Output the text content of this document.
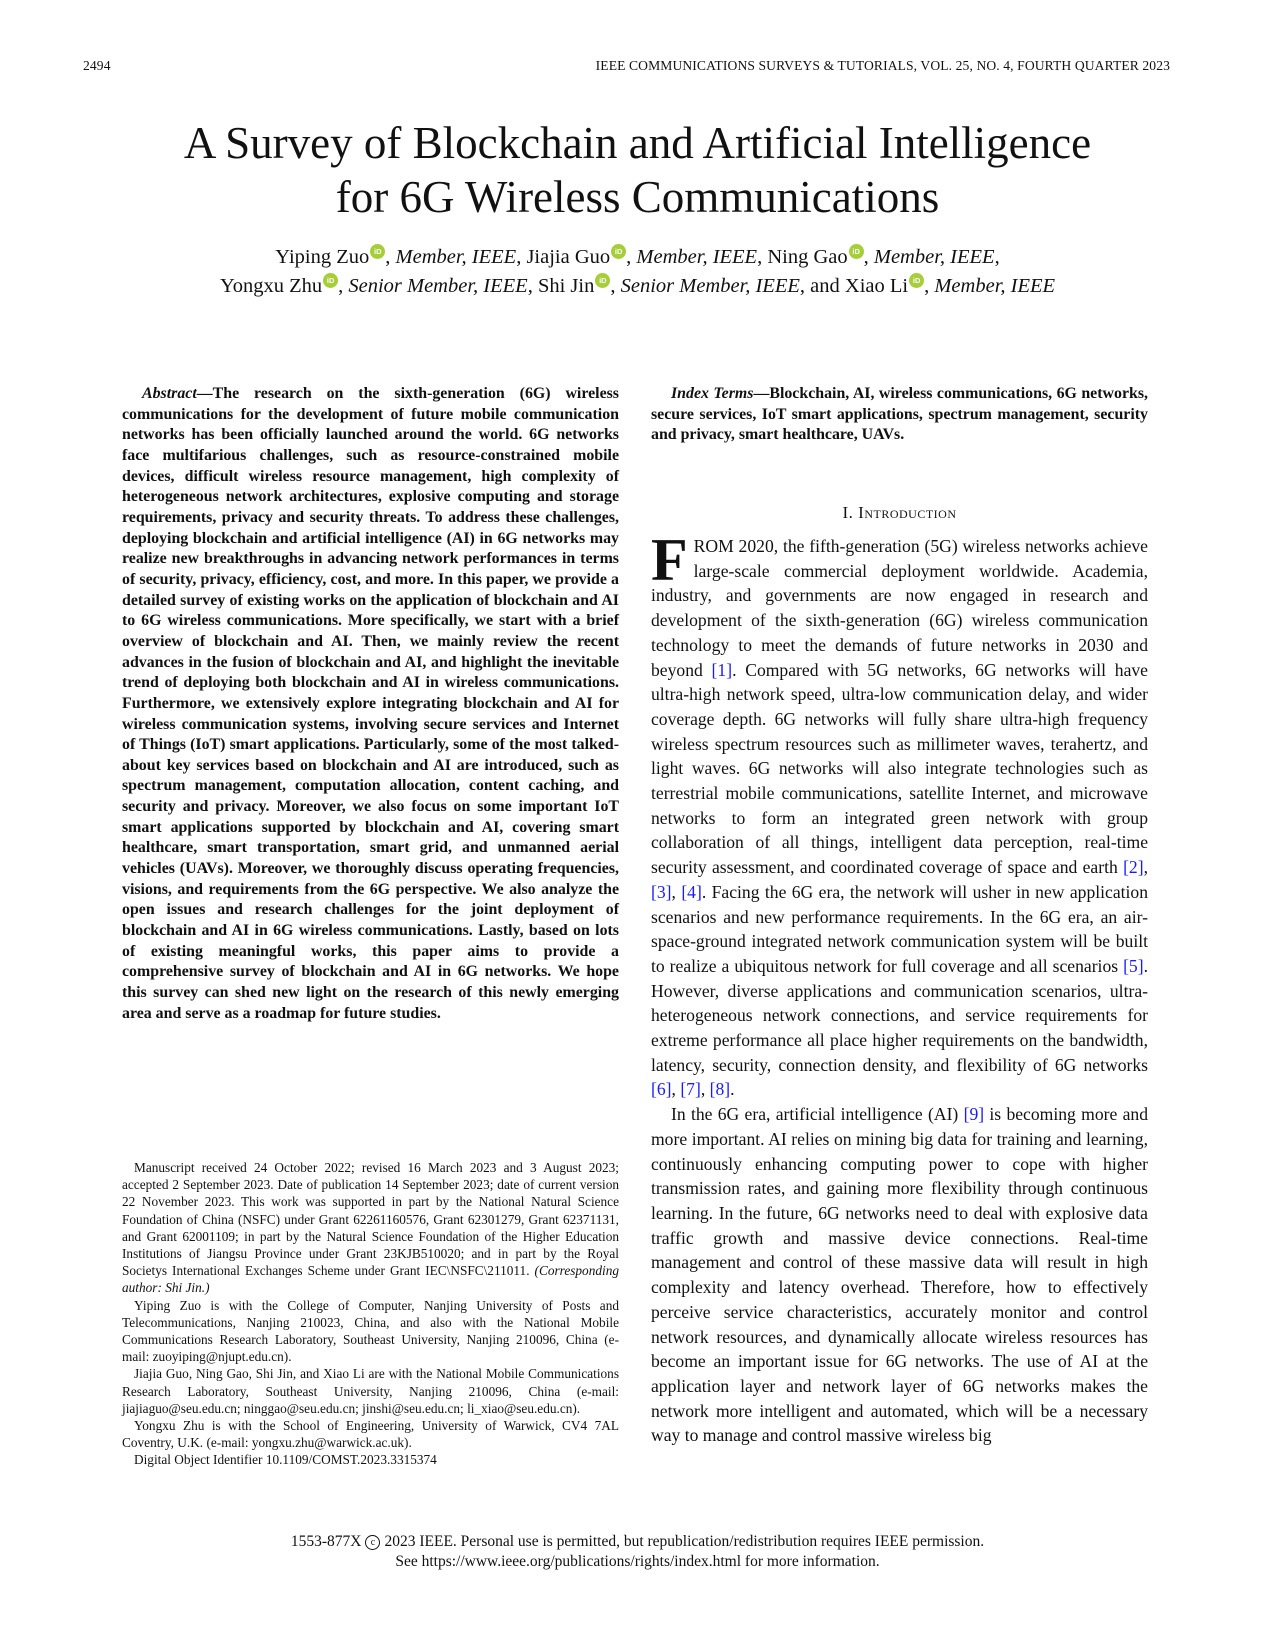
2494	IEEE COMMUNICATIONS SURVEYS & TUTORIALS, VOL. 25, NO. 4, FOURTH QUARTER 2023
A Survey of Blockchain and Artificial Intelligence
for 6G Wireless Communications
Yiping Zuo iD , Member, IEEE, Jiajia Guo iD , Member, IEEE, Ning Gao iD , Member, IEEE,
Yongxu Zhu iD , Senior Member, IEEE, Shi Jin iD , Senior Member, IEEE, and Xiao Li iD , Member, IEEE

Abstract—The research on the sixth-generation (6G) wireless communications for the development of future mobile communication networks has been officially launched around the world. 6G networks face multifarious challenges, such as resource-constrained mobile devices, difficult wireless resource management, high complexity of heterogeneous network architectures, explosive computing and storage requirements, privacy and security threats. To address these challenges, deploying blockchain and artificial intelligence (AI) in 6G networks may realize new breakthroughs in advancing network performances in terms of security, privacy, efficiency, cost, and more. In this paper, we provide a detailed survey of existing works on the application of blockchain and AI to 6G wireless communications. More specifically, we start with a brief overview of blockchain and AI. Then, we mainly review the recent advances in the fusion of blockchain and AI, and highlight the inevitable trend of deploying both blockchain and AI in wireless communications. Furthermore, we extensively explore integrating blockchain and AI for wireless communication systems, involving secure services and Internet of Things (IoT) smart applications. Particularly, some of the most talked-about key services based on blockchain and AI are introduced, such as spectrum management, computation allocation, content caching, and security and privacy. Moreover, we also focus on some important IoT smart applications supported by blockchain and AI, covering smart healthcare, smart transportation, smart grid, and unmanned aerial vehicles (UAVs). Moreover, we thoroughly discuss operating frequencies, visions, and requirements from the 6G perspective. We also analyze the open issues and research challenges for the joint deployment of blockchain and AI in 6G wireless communications. Lastly, based on lots of existing meaningful works, this paper aims to provide a comprehensive survey of blockchain and AI in 6G networks. We hope this survey can shed new light on the research of this newly emerging area and serve as a roadmap for future studies.

Manuscript received 24 October 2022; revised 16 March 2023 and 3 August 2023; accepted 2 September 2023. Date of publication 14 September 2023; date of current version 22 November 2023. This work was supported in part by the National Natural Science Foundation of China (NSFC) under Grant 62261160576, Grant 62301279, Grant 62371131, and Grant 62001109; in part by the Natural Science Foundation of the Higher Education Institutions of Jiangsu Province under Grant 23KJB510020; and in part by the Royal Societys International Exchanges Scheme under Grant IEC\NSFC\211011. (Corresponding author: Shi Jin.)

Yiping Zuo is with the College of Computer, Nanjing University of Posts and Telecommunications, Nanjing 210023, China, and also with the National Mobile Communications Research Laboratory, Southeast University, Nanjing 210096, China (e-mail: zuoyiping@njupt.edu.cn).

Jiajia Guo, Ning Gao, Shi Jin, and Xiao Li are with the National Mobile Communications Research Laboratory, Southeast University, Nanjing 210096, China (e-mail: jiajiaguo@seu.edu.cn; ninggao@seu.edu.cn; jinshi@seu.edu.cn; li_xiao@seu.edu.cn).

Yongxu Zhu is with the School of Engineering, University of Warwick, CV4 7AL Coventry, U.K. (e-mail: yongxu.zhu@warwick.ac.uk).

Digital Object Identifier 10.1109/COMST.2023.3315374

Index Terms—Blockchain, AI, wireless communications, 6G networks, secure services, IoT smart applications, spectrum management, security and privacy, smart healthcare, UAVs.

I. Introduction

FROM 2020, the fifth-generation (5G) wireless networks achieve large-scale commercial deployment worldwide. Academia, industry, and governments are now engaged in research and development of the sixth-generation (6G) wireless communication technology to meet the demands of future networks in 2030 and beyond [1]. Compared with 5G networks, 6G networks will have ultra-high network speed, ultra-low communication delay, and wider coverage depth. 6G networks will fully share ultra-high frequency wireless spectrum resources such as millimeter waves, terahertz, and light waves. 6G networks will also integrate technologies such as terrestrial mobile communications, satellite Internet, and microwave networks to form an integrated green network with group collaboration of all things, intelligent data perception, real-time security assessment, and coordinated coverage of space and earth [2], [3], [4]. Facing the 6G era, the network will usher in new application scenarios and new performance requirements. In the 6G era, an air-space-ground integrated network communication system will be built to realize a ubiquitous network for full coverage and all scenarios [5]. However, diverse applications and communication scenarios, ultra-heterogeneous network connections, and service requirements for extreme performance all place higher requirements on the bandwidth, latency, security, connection density, and flexibility of 6G networks [6], [7], [8].

In the 6G era, artificial intelligence (AI) [9] is becoming more and more important. AI relies on mining big data for training and learning, continuously enhancing computing power to cope with higher transmission rates, and gaining more flexibility through continuous learning. In the future, 6G networks need to deal with explosive data traffic growth and massive device connections. Real-time management and control of these massive data will result in high complexity and latency overhead. Therefore, how to effectively perceive service characteristics, accurately monitor and control network resources, and dynamically allocate wireless resources has become an important issue for 6G networks. The use of AI at the application layer and network layer of 6G networks makes the network more intelligent and automated, which will be a necessary way to manage and control massive wireless big

1553-877X c 2023 IEEE. Personal use is permitted, but republication/redistribution requires IEEE permission.
See https://www.ieee.org/publications/rights/index.html for more information.
